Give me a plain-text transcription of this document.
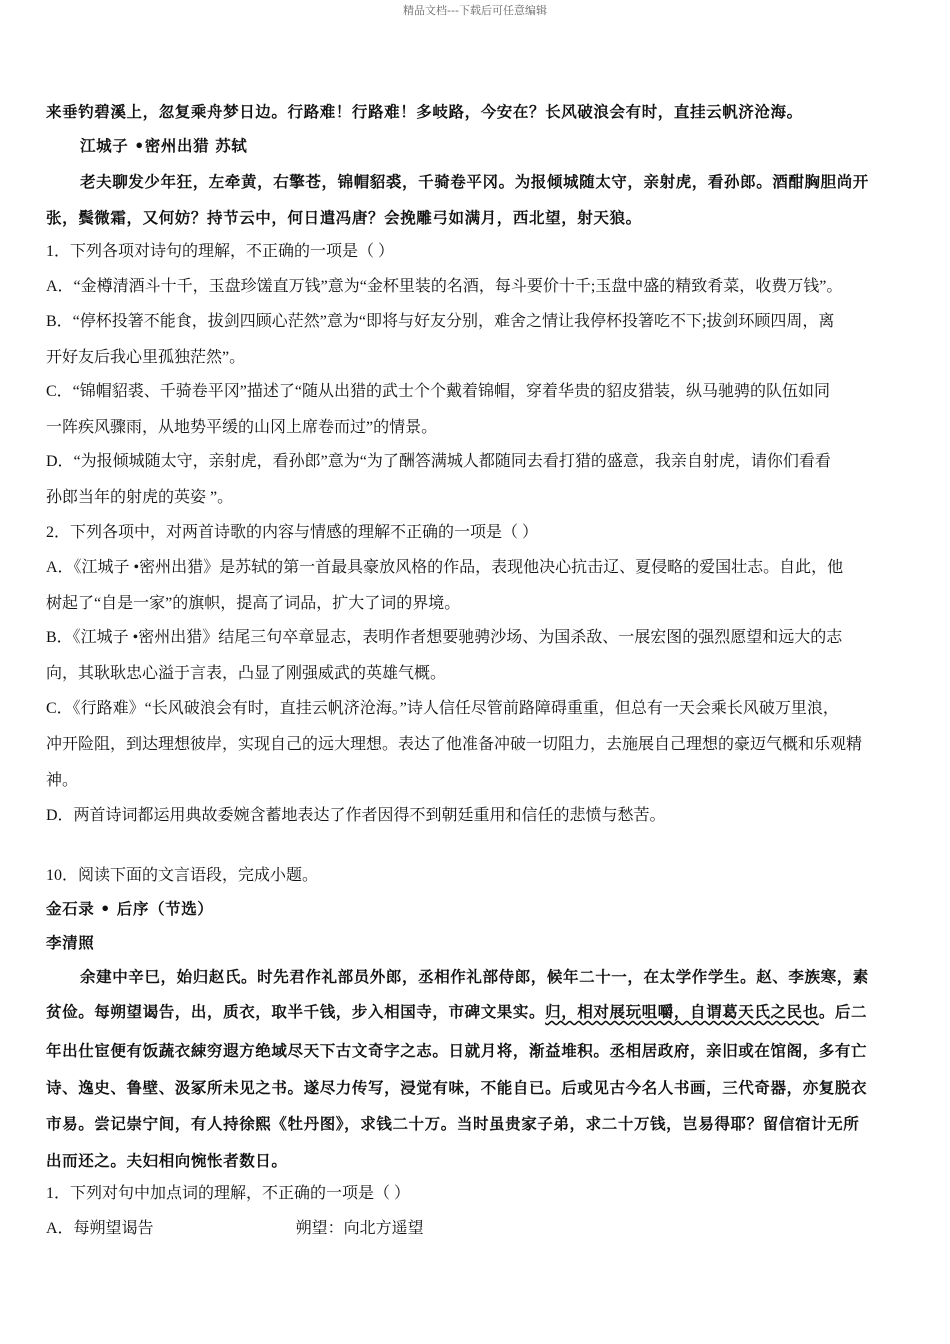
精品文档---下载后可任意编辑
来垂钓碧溪上，忽复乘舟梦日边。行路难！行路难！多岐路，今安在？长风破浪会有时，直挂云帆济沧海。
江城子 •密州出猎 苏轼
老夫聊发少年狂，左牵黄，右擎苍，锦帽貂裘，千骑卷平冈。为报倾城随太守，亲射虎，看孙郎。酒酣胸胆尚开
张，鬓微霜，又何妨？持节云中，何日遣冯唐？会挽雕弓如满月，西北望，射天狼。
1．下列各项对诗句的理解，不正确的一项是（ ）
A．“金樽清酒斗十千，玉盘珍馐直万钱”意为“金杯里装的名酒，每斗要价十千;玉盘中盛的精致肴菜，收费万钱”。
B．“停杯投箸不能食，拔剑四顾心茫然”意为“即将与好友分别，难舍之情让我停杯投箸吃不下;拔剑环顾四周，离
开好友后我心里孤独茫然”。
C．“锦帽貂裘、千骑卷平冈”描述了“随从出猎的武士个个戴着锦帽，穿着华贵的貂皮猎装，纵马驰骋的队伍如同
一阵疾风骤雨，从地势平缓的山冈上席卷而过”的情景。
D．“为报倾城随太守，亲射虎，看孙郎”意为“为了酬答满城人都随同去看打猎的盛意，我亲自射虎，请你们看看
孙郎当年的射虎的英姿 ”。
2．下列各项中，对两首诗歌的内容与情感的理解不正确的一项是（ ）
A．《江城子 •密州出猎》是苏轼的第一首最具豪放风格的作品，表现他决心抗击辽、夏侵略的爱国壮志。自此，他
树起了“自是一家”的旗帜，提高了词品，扩大了词的界境。
B．《江城子 •密州出猎》结尾三句卒章显志，表明作者想要驰骋沙场、为国杀敌、一展宏图的强烈愿望和远大的志
向，其耿耿忠心溢于言表，凸显了刚强威武的英雄气概。
C．《行路难》“长风破浪会有时，直挂云帆济沧海。”诗人信任尽管前路障碍重重，但总有一天会乘长风破万里浪，
冲开险阻，到达理想彼岸，实现自己的远大理想。表达了他准备冲破一切阻力，去施展自己理想的豪迈气概和乐观精
神。
D．两首诗词都运用典故委婉含蓄地表达了作者因得不到朝廷重用和信任的悲愤与愁苦。
10．阅读下面的文言语段，完成小题。
金石录 • 后序（节选）
李清照
余建中辛巳，始归赵氏。时先君作礼部员外郎，丞相作礼部侍郎，候年二十一，在太学作学生。赵、李族寒，素
贫俭。每朔望谒告，出，质衣，取半千钱，步入相国寺，市碑文果实。归，相对展玩咀嚼，自谓葛天氏之民也。后二
年出仕宦便有饭蔬衣綀穷遐方绝域尽天下古文奇字之志。日就月将，渐益堆积。丞相居政府，亲旧或在馆阁，多有亡
诗、逸史、鲁壁、汲冢所未见之书。遂尽力传写，浸觉有味，不能自已。后或见古今名人书画，三代奇器，亦复脱衣
市易。尝记崇宁间，有人持徐熙《牡丹图》，求钱二十万。当时虽贵家子弟，求二十万钱，岂易得耶？留信宿计无所
出而还之。夫妇相向惋怅者数日。
1．下列对句中加点词的理解，不正确的一项是（ ）
A．每朔望谒告	朔望：向北方遥望
